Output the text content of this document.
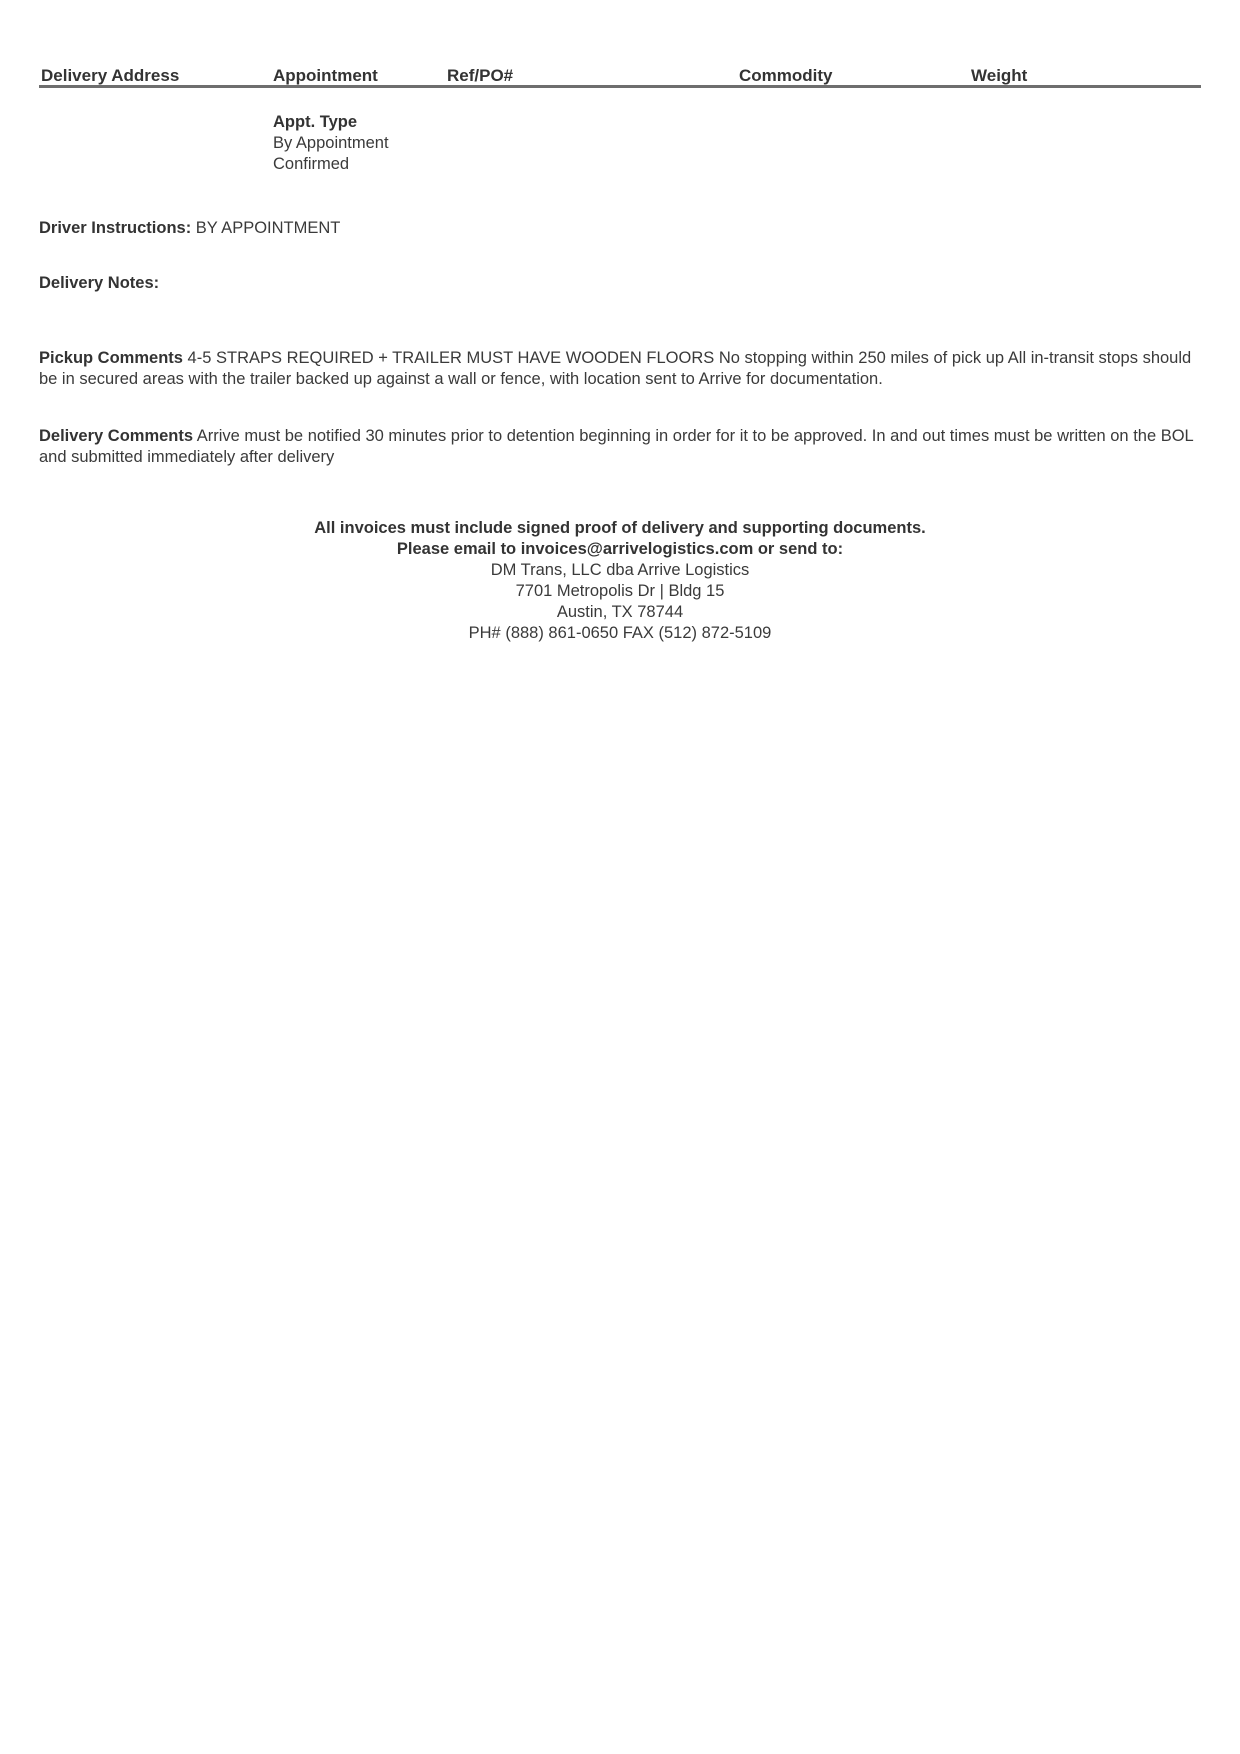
Delivery Address	Appointment	Ref/PO#	Commodity	Weight
Appt. Type
By Appointment
Confirmed
Driver Instructions: BY APPOINTMENT
Delivery Notes:
Pickup Comments 4-5 STRAPS REQUIRED + TRAILER MUST HAVE WOODEN FLOORS No stopping within 250 miles of pick up All in-transit stops should be in secured areas with the trailer backed up against a wall or fence, with location sent to Arrive for documentation.
Delivery Comments Arrive must be notified 30 minutes prior to detention beginning in order for it to be approved. In and out times must be written on the BOL and submitted immediately after delivery
All invoices must include signed proof of delivery and supporting documents.
Please email to invoices@arrivelogistics.com or send to:
DM Trans, LLC dba Arrive Logistics
7701 Metropolis Dr | Bldg 15
Austin, TX 78744
PH# (888) 861-0650 FAX (512) 872-5109
